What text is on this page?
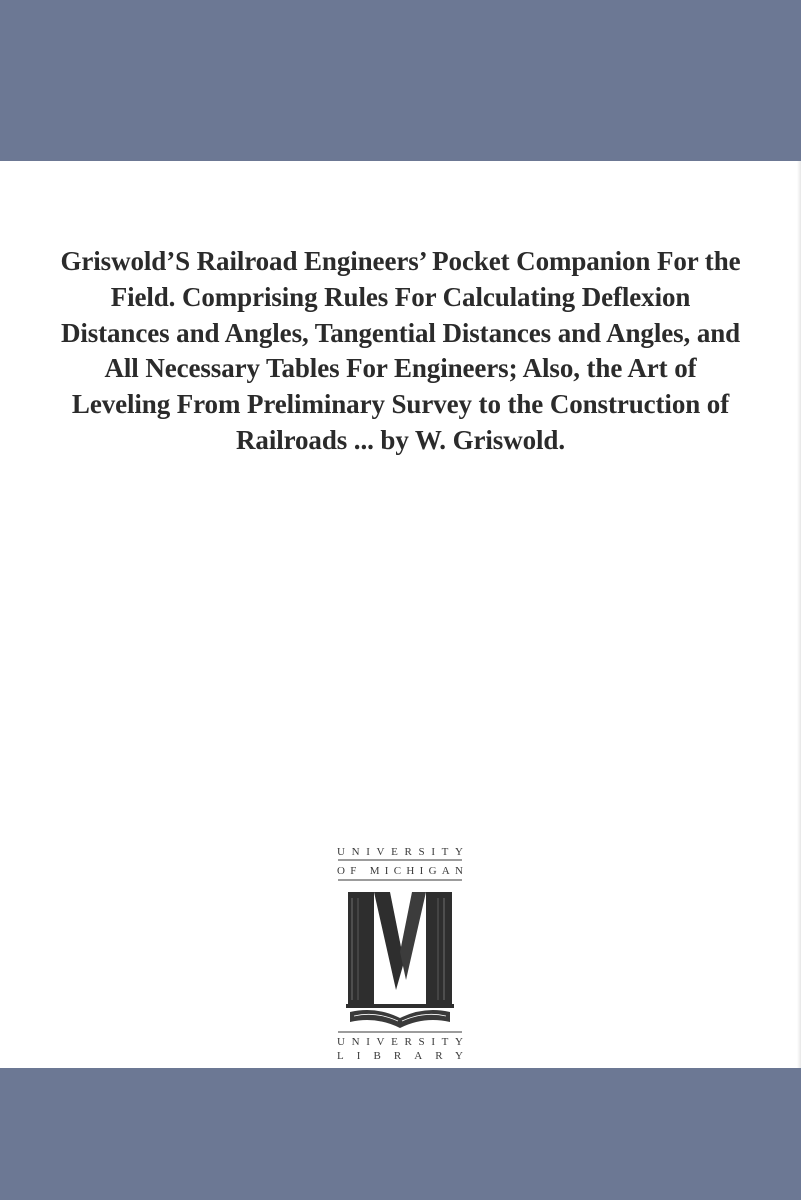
Griswold’S Railroad Engineers’ Pocket Companion For the Field. Comprising Rules For Calculating Deflexion Distances and Angles, Tangential Distances and Angles, and All Necessary Tables For Engineers; Also, the Art of Leveling From Preliminary Survey to the Construction of Railroads ... by W. Griswold.
UNIVERSITY
OF MICHIGAN
UNIVERSITY
LIBRARY
